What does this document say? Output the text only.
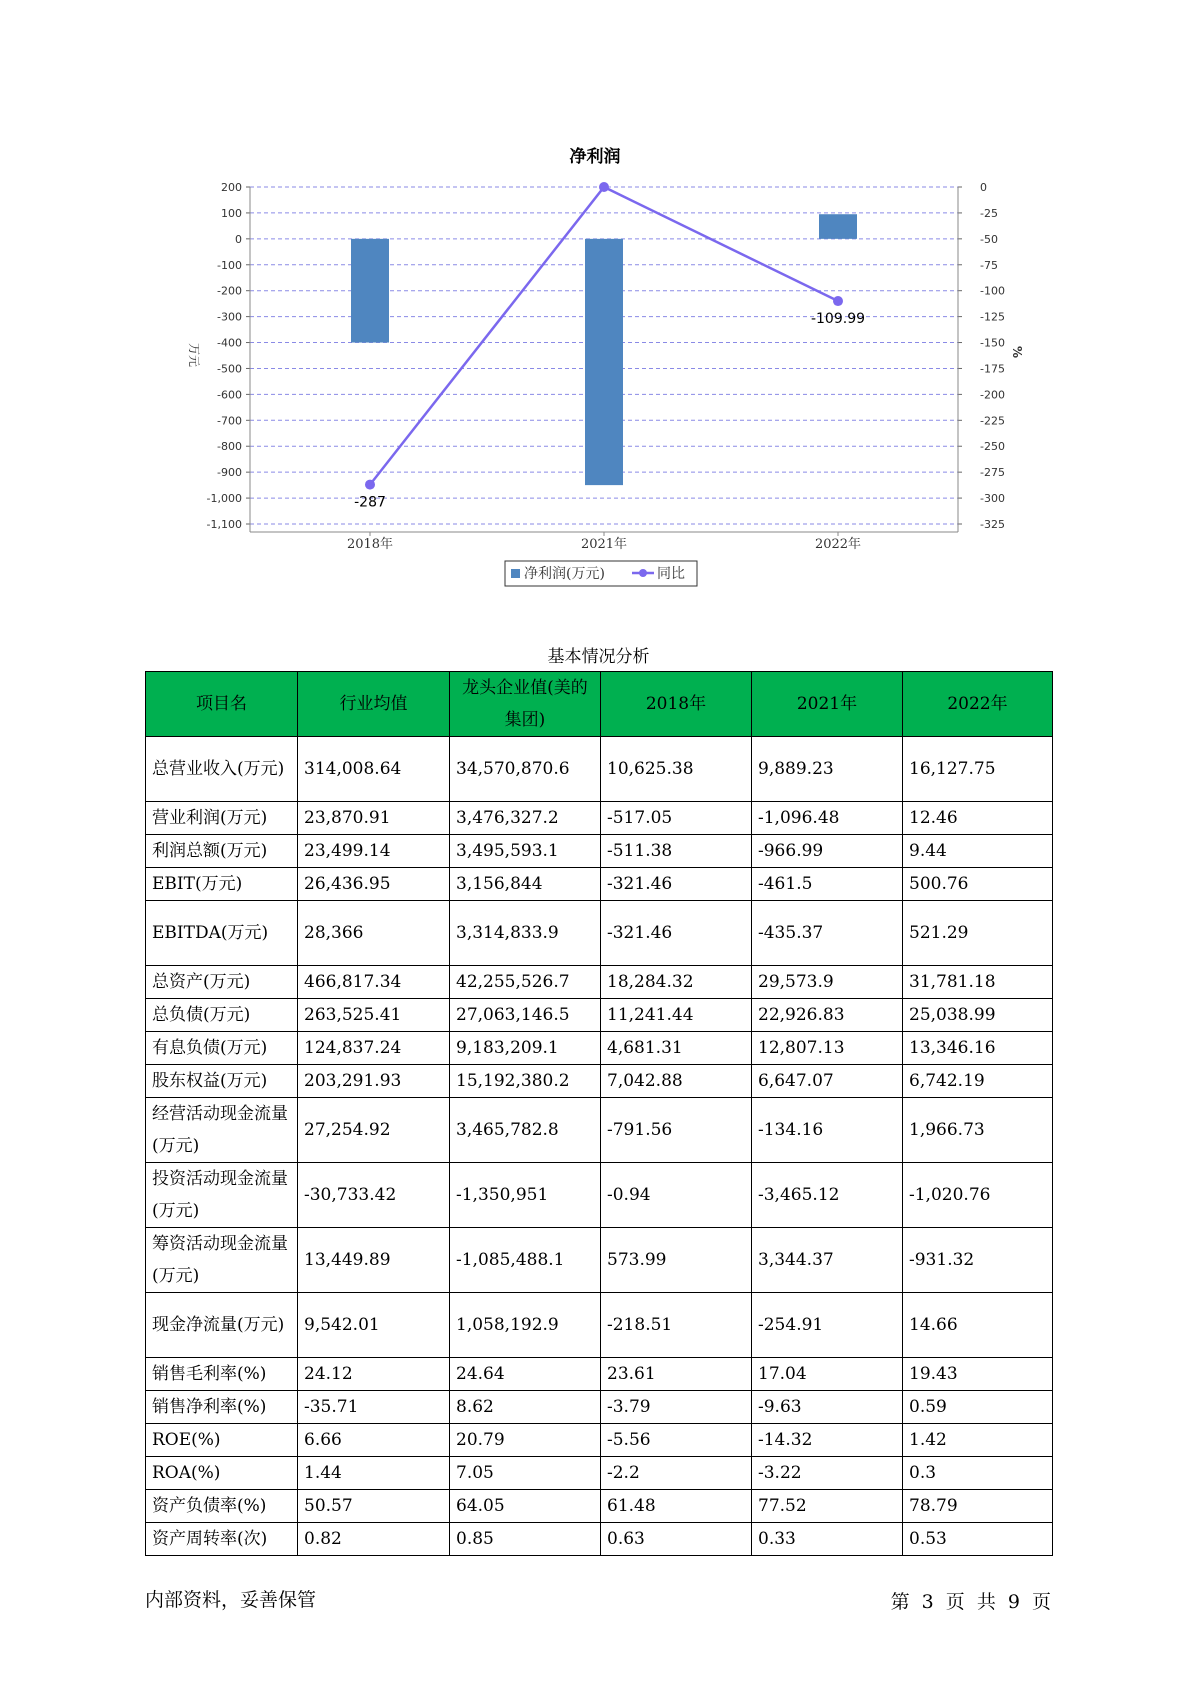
净利润
200
100
0
-100
-200
-300
-400
-500
-600
-700
-800
-900
-1,000
-1,100
0
-25
-50
-75
-100
-125
-150
-175
-200
-225
-250
-275
-300
-325
万元	%
2018年	2021年	2022年
-287
-109.99
净利润(万元)	同比
基本情况分析
项目名	行业均值	龙头企业值(美的集团)	2018年	2021年	2022年
总营业收入(万元)	314,008.64	34,570,870.6	10,625.38	9,889.23	16,127.75
营业利润(万元)	23,870.91	3,476,327.2	-517.05	-1,096.48	12.46
利润总额(万元)	23,499.14	3,495,593.1	-511.38	-966.99	9.44
EBIT(万元)	26,436.95	3,156,844	-321.46	-461.5	500.76
EBITDA(万元)	28,366	3,314,833.9	-321.46	-435.37	521.29
总资产(万元)	466,817.34	42,255,526.7	18,284.32	29,573.9	31,781.18
总负债(万元)	263,525.41	27,063,146.5	11,241.44	22,926.83	25,038.99
有息负债(万元)	124,837.24	9,183,209.1	4,681.31	12,807.13	13,346.16
股东权益(万元)	203,291.93	15,192,380.2	7,042.88	6,647.07	6,742.19
经营活动现金流量(万元)	27,254.92	3,465,782.8	-791.56	-134.16	1,966.73
投资活动现金流量(万元)	-30,733.42	-1,350,951	-0.94	-3,465.12	-1,020.76
筹资活动现金流量(万元)	13,449.89	-1,085,488.1	573.99	3,344.37	-931.32
现金净流量(万元)	9,542.01	1,058,192.9	-218.51	-254.91	14.66
销售毛利率(%)	24.12	24.64	23.61	17.04	19.43
销售净利率(%)	-35.71	8.62	-3.79	-9.63	0.59
ROE(%)	6.66	20.79	-5.56	-14.32	1.42
ROA(%)	1.44	7.05	-2.2	-3.22	0.3
资产负债率(%)	50.57	64.05	61.48	77.52	78.79
资产周转率(次)	0.82	0.85	0.63	0.33	0.53
内部资料，妥善保管	第 3 页 共 9 页
